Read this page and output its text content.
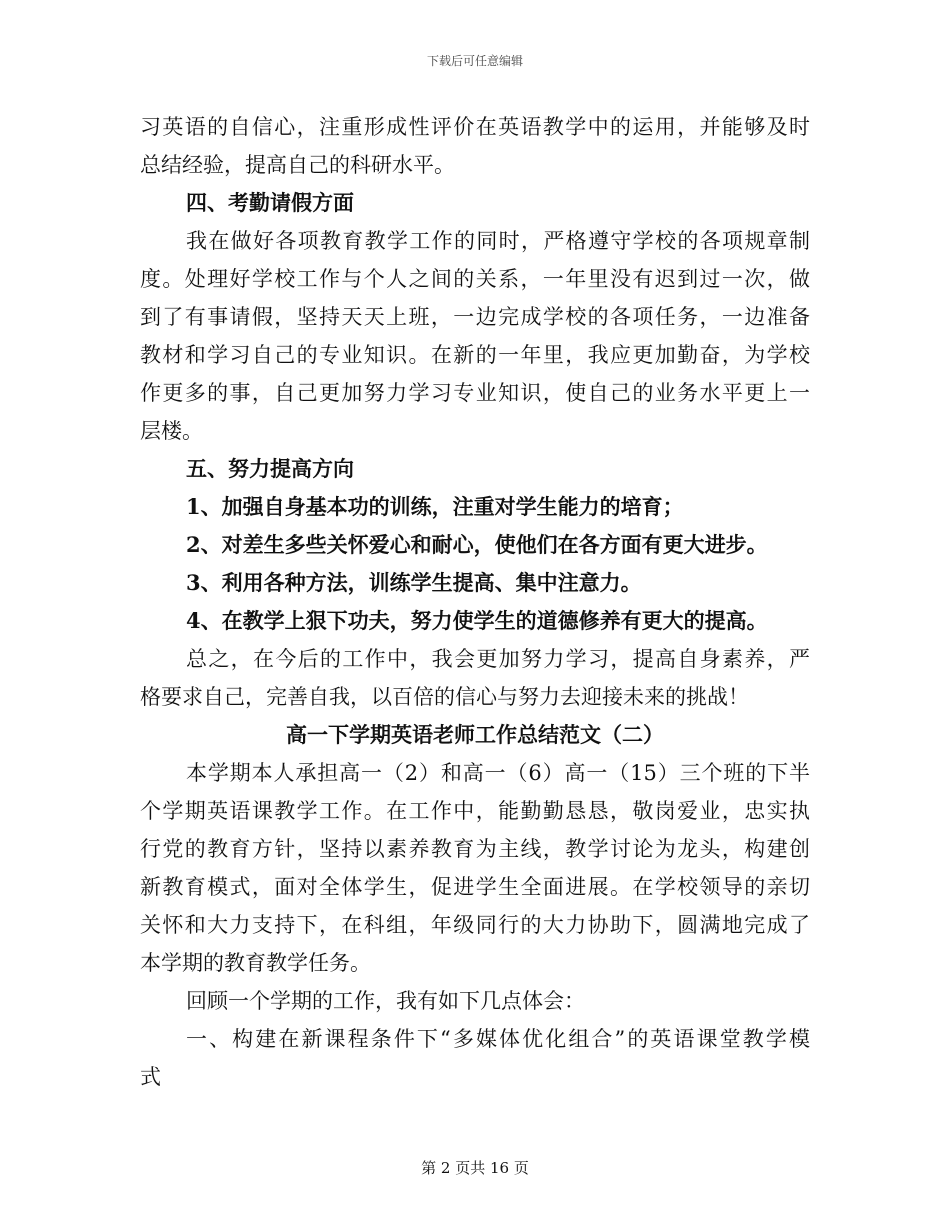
下载后可任意编辑
习英语的自信心，注重形成性评价在英语教学中的运用，并能够及时
总结经验，提高自己的科研水平。
四、考勤请假方面
我在做好各项教育教学工作的同时，严格遵守学校的各项规章制
度。处理好学校工作与个人之间的关系，一年里没有迟到过一次，做
到了有事请假，坚持天天上班，一边完成学校的各项任务，一边准备
教材和学习自己的专业知识。在新的一年里，我应更加勤奋，为学校
作更多的事，自己更加努力学习专业知识，使自己的业务水平更上一
层楼。
五、努力提高方向
1、加强自身基本功的训练，注重对学生能力的培育；
2、对差生多些关怀爱心和耐心，使他们在各方面有更大进步。
3、利用各种方法，训练学生提高、集中注意力。
4、在教学上狠下功夫，努力使学生的道德修养有更大的提高。
总之，在今后的工作中，我会更加努力学习，提高自身素养，严
格要求自己，完善自我，以百倍的信心与努力去迎接未来的挑战！
高一下学期英语老师工作总结范文（二）
本学期本人承担高一（2）和高一（6）高一（15）三个班的下半
个学期英语课教学工作。在工作中，能勤勤恳恳，敬岗爱业，忠实执
行党的教育方针，坚持以素养教育为主线，教学讨论为龙头，构建创
新教育模式，面对全体学生，促进学生全面进展。在学校领导的亲切
关怀和大力支持下，在科组，年级同行的大力协助下，圆满地完成了
本学期的教育教学任务。
回顾一个学期的工作，我有如下几点体会：
一、构建在新课程条件下“多媒体优化组合”的英语课堂教学模
式
第 2 页共 16 页
